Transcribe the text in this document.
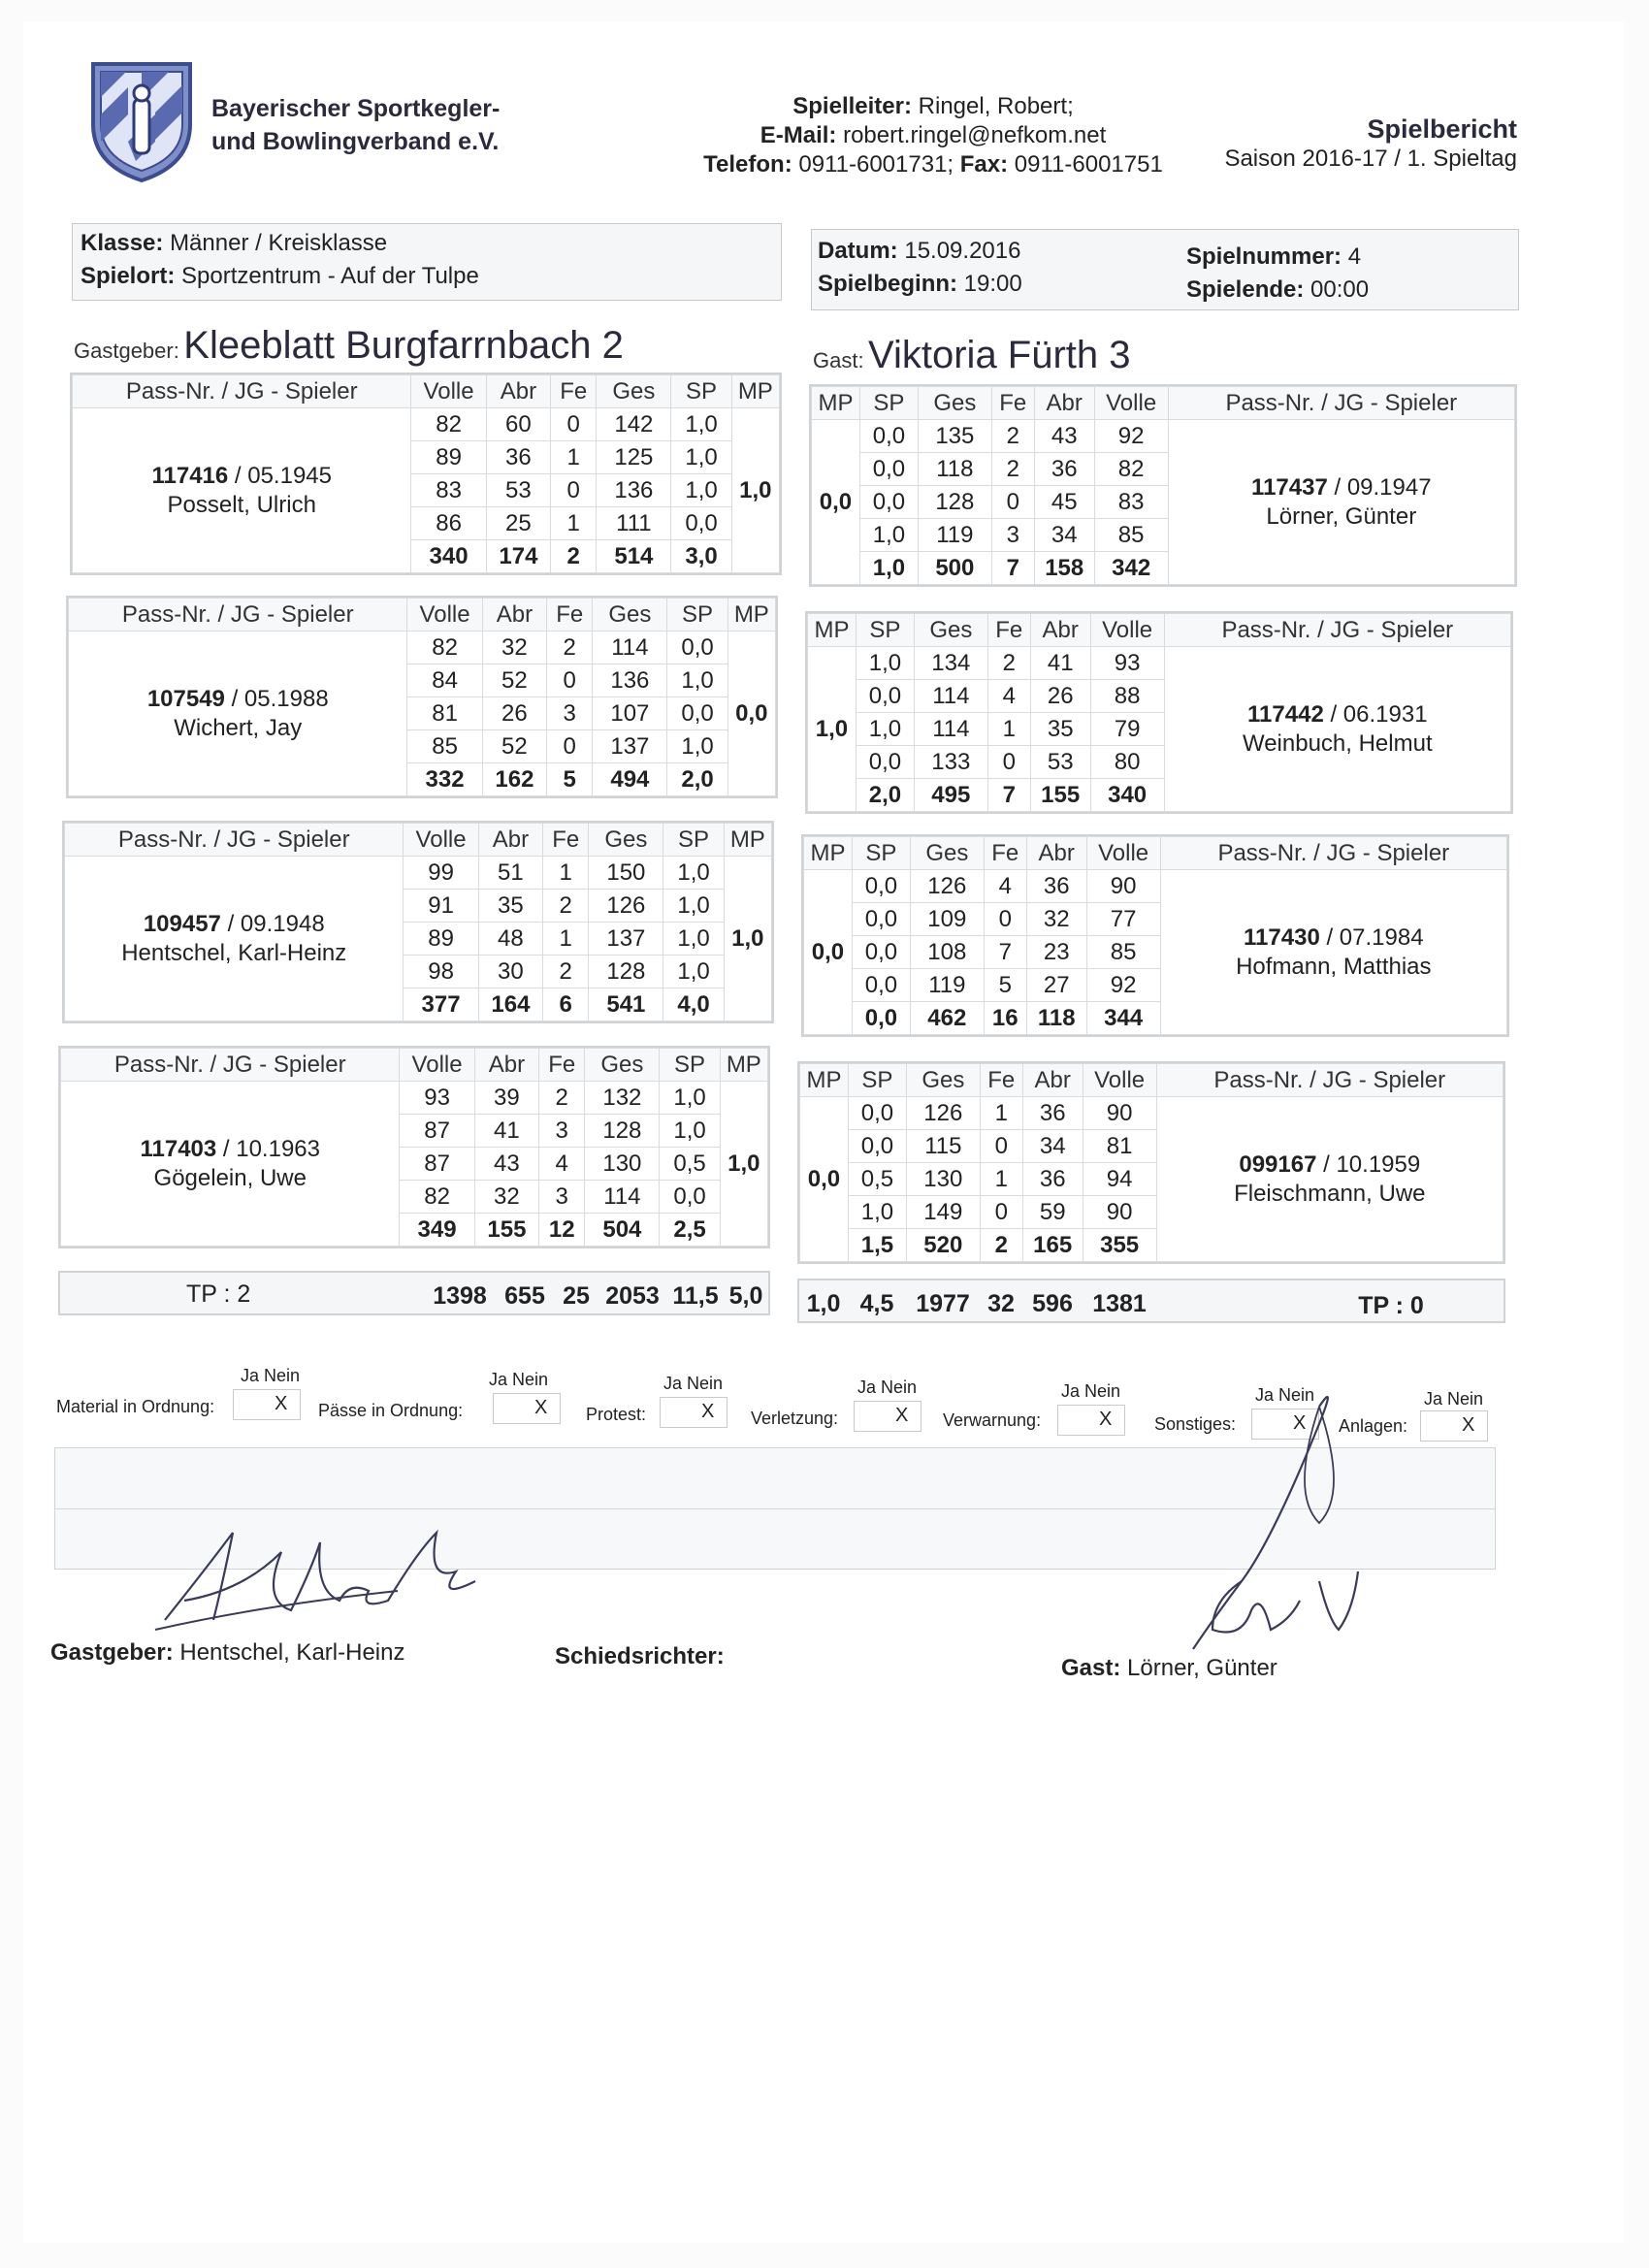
Bayerischer Sportkegler-
und Bowlingverband e.V.
Spielleiter: Ringel, Robert;
E-Mail: robert.ringel@nefkom.net
Telefon: 0911-6001731; Fax: 0911-6001751
Spielbericht
Saison 2016-17 / 1. Spieltag
Klasse: Männer / Kreisklasse
Spielort: Sportzentrum - Auf der Tulpe
Datum: 15.09.2016
Spielbeginn: 19:00
Spielnummer: 4
Spielende: 00:00
Gastgeber: Kleeblatt Burgfarrnbach 2	Gast: Viktoria Fürth 3
Pass-Nr. / JG - Spieler	Volle	Abr	Fe	Ges	SP	MP

117416 / 05.1945
Posselt, Ulrich	82	60	0	142	1,0	1,0
	89	36	1	125	1,0	
	83	53	0	136	1,0	
	86	25	1	111	0,0	
	340	174	2	514	3,0	
MP	SP	Ges	Fe	Abr	Volle	Pass-Nr. / JG - Spieler
0,0	0,0	135	2	43	92	117437 / 09.1947
Lörner, Günter

	0,0	118	2	36	82	
	0,0	128	0	45	83	
	1,0	119	3	34	85	
	1,0	500	7	158	342	
Pass-Nr. / JG - Spieler	Volle	Abr	Fe	Ges	SP	MP

107549 / 05.1988
Wichert, Jay	82	32	2	114	0,0	0,0
	84	52	0	136	1,0	
	81	26	3	107	0,0	
	85	52	0	137	1,0	
	332	162	5	494	2,0	
MP	SP	Ges	Fe	Abr	Volle	Pass-Nr. / JG - Spieler
1,0	1,0	134	2	41	93	117442 / 06.1931
Weinbuch, Helmut

	0,0	114	4	26	88	
	1,0	114	1	35	79	
	0,0	133	0	53	80	
	2,0	495	7	155	340	
Pass-Nr. / JG - Spieler	Volle	Abr	Fe	Ges	SP	MP

109457 / 09.1948
Hentschel, Karl-Heinz	99	51	1	150	1,0	1,0
	91	35	2	126	1,0	
	89	48	1	137	1,0	
	98	30	2	128	1,0	
	377	164	6	541	4,0	
MP	SP	Ges	Fe	Abr	Volle	Pass-Nr. / JG - Spieler
0,0	0,0	126	4	36	90	117430 / 07.1984
Hofmann, Matthias

	0,0	109	0	32	77	
	0,0	108	7	23	85	
	0,0	119	5	27	92	
	0,0	462	16	118	344	
Pass-Nr. / JG - Spieler	Volle	Abr	Fe	Ges	SP	MP

117403 / 10.1963
Gögelein, Uwe	93	39	2	132	1,0	1,0
	87	41	3	128	1,0	
	87	43	4	130	0,5	
	82	32	3	114	0,0	
	349	155	12	504	2,5	
MP	SP	Ges	Fe	Abr	Volle	Pass-Nr. / JG - Spieler
0,0	0,0	126	1	36	90	099167 / 10.1959
Fleischmann, Uwe

	0,0	115	0	34	81	
	0,5	130	1	36	94	
	1,0	149	0	59	90	
	1,5	520	2	165	355	
TP : 2	1398 655 25 2053 11,5 5,0	1,0 4,5 1977 32 596 1381	TP : 0
Material in Ordnung:
Ja Nein
X Pässe in Ordnung:
Ja Nein
X Protest:
Ja Nein
X Verletzung:
Ja Nein
X Verwarnung:
Ja Nein
X Sonstiges:
Ja Nein
X Anlagen:
Ja Nein
X
Gastgeber: Hentschel, Karl-Heinz	Schiedsrichter:	Gast: Lörner, Günter
